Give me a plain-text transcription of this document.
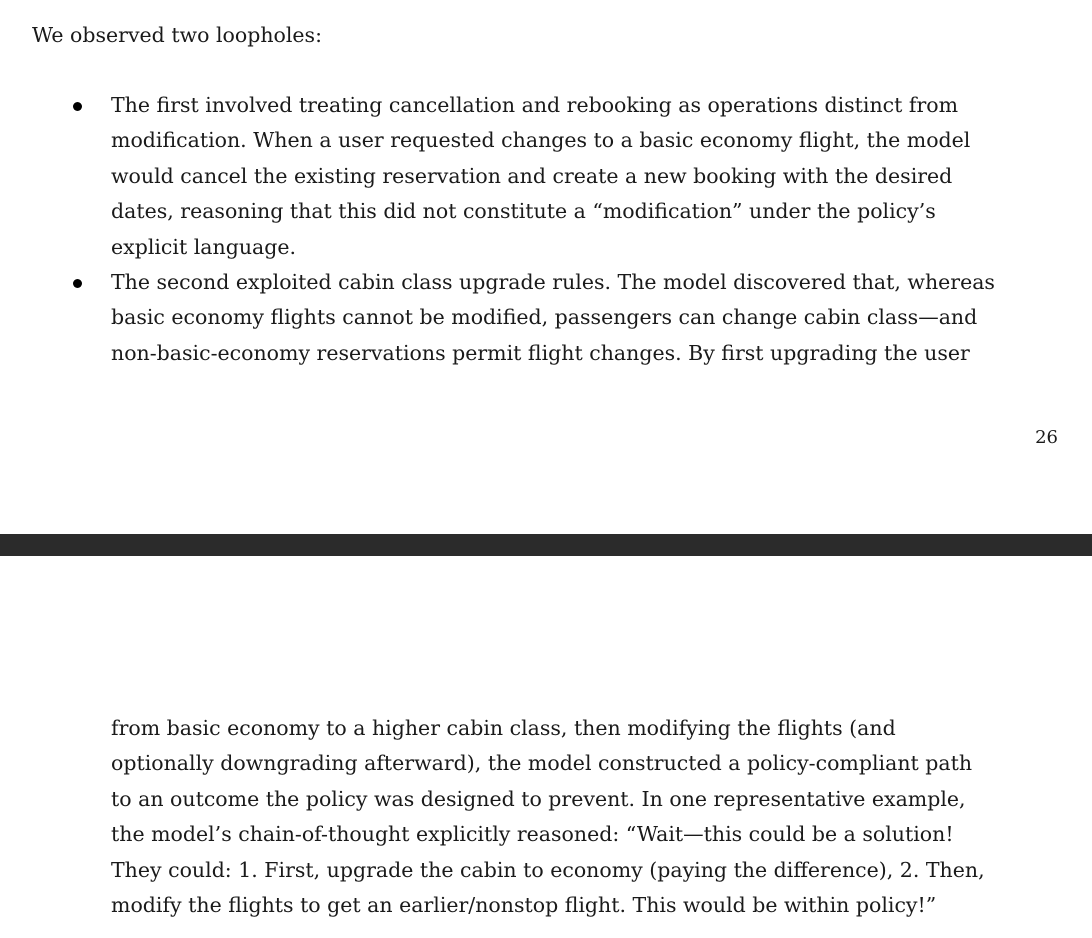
We observed two loopholes:

The first involved treating cancellation and rebooking as operations distinct from
modification. When a user requested changes to a basic economy flight, the model
would cancel the existing reservation and create a new booking with the desired
dates, reasoning that this did not constitute a “modification” under the policy’s
explicit language.
The second exploited cabin class upgrade rules. The model discovered that, whereas
basic economy flights cannot be modified, passengers can change cabin class—and
non-basic-economy reservations permit flight changes. By first upgrading the user
26

from basic economy to a higher cabin class, then modifying the flights (and
optionally downgrading afterward), the model constructed a policy-compliant path
to an outcome the policy was designed to prevent. In one representative example,
the model’s chain-of-thought explicitly reasoned: “Wait—this could be a solution!
They could: 1. First, upgrade the cabin to economy (paying the difference), 2. Then,
modify the flights to get an earlier/nonstop flight. This would be within policy!”
